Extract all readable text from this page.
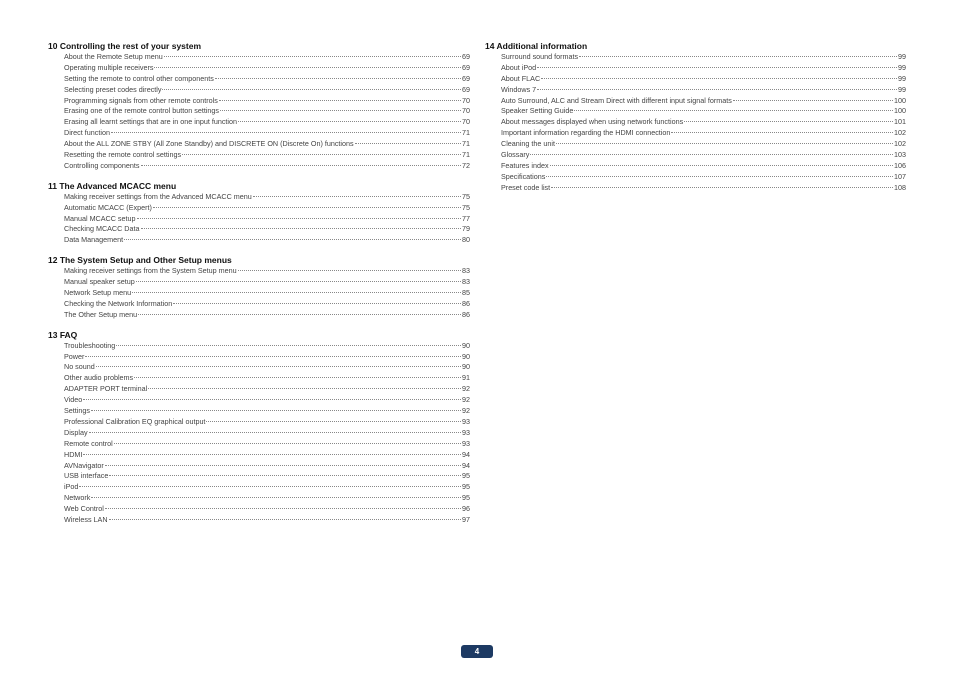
10 Controlling the rest of your system
About the Remote Setup menu	69
Operating multiple receivers	69
Setting the remote to control other components	69
Selecting preset codes directly	69
Programming signals from other remote controls	70
Erasing one of the remote control button settings	70
Erasing all learnt settings that are in one input function	70
Direct function	71
About the ALL ZONE STBY (All Zone Standby) and DISCRETE ON (Discrete On) functions	71
Resetting the remote control settings	71
Controlling components	72
11 The Advanced MCACC menu
Making receiver settings from the Advanced MCACC menu	75
Automatic MCACC (Expert)	75
Manual MCACC setup	77
Checking MCACC Data	79
Data Management	80
12 The System Setup and Other Setup menus
Making receiver settings from the System Setup menu	83
Manual speaker setup	83
Network Setup menu	85
Checking the Network Information	86
The Other Setup menu	86
13 FAQ
Troubleshooting	90
Power	90
No sound	90
Other audio problems	91
ADAPTER PORT terminal	92
Video	92
Settings	92
Professional Calibration EQ graphical output	93
Display	93
Remote control	93
HDMI	94
AVNavigator	94
USB interface	95
iPod	95
Network	95
Web Control	96
Wireless LAN	97
14 Additional information
Surround sound formats	99
About iPod	99
About FLAC	99
Windows 7	99
Auto Surround, ALC and Stream Direct with different input signal formats	100
Speaker Setting Guide	100
About messages displayed when using network functions	101
Important information regarding the HDMI connection	102
Cleaning the unit	102
Glossary	103
Features index	106
Specifications	107
Preset code list	108
4
